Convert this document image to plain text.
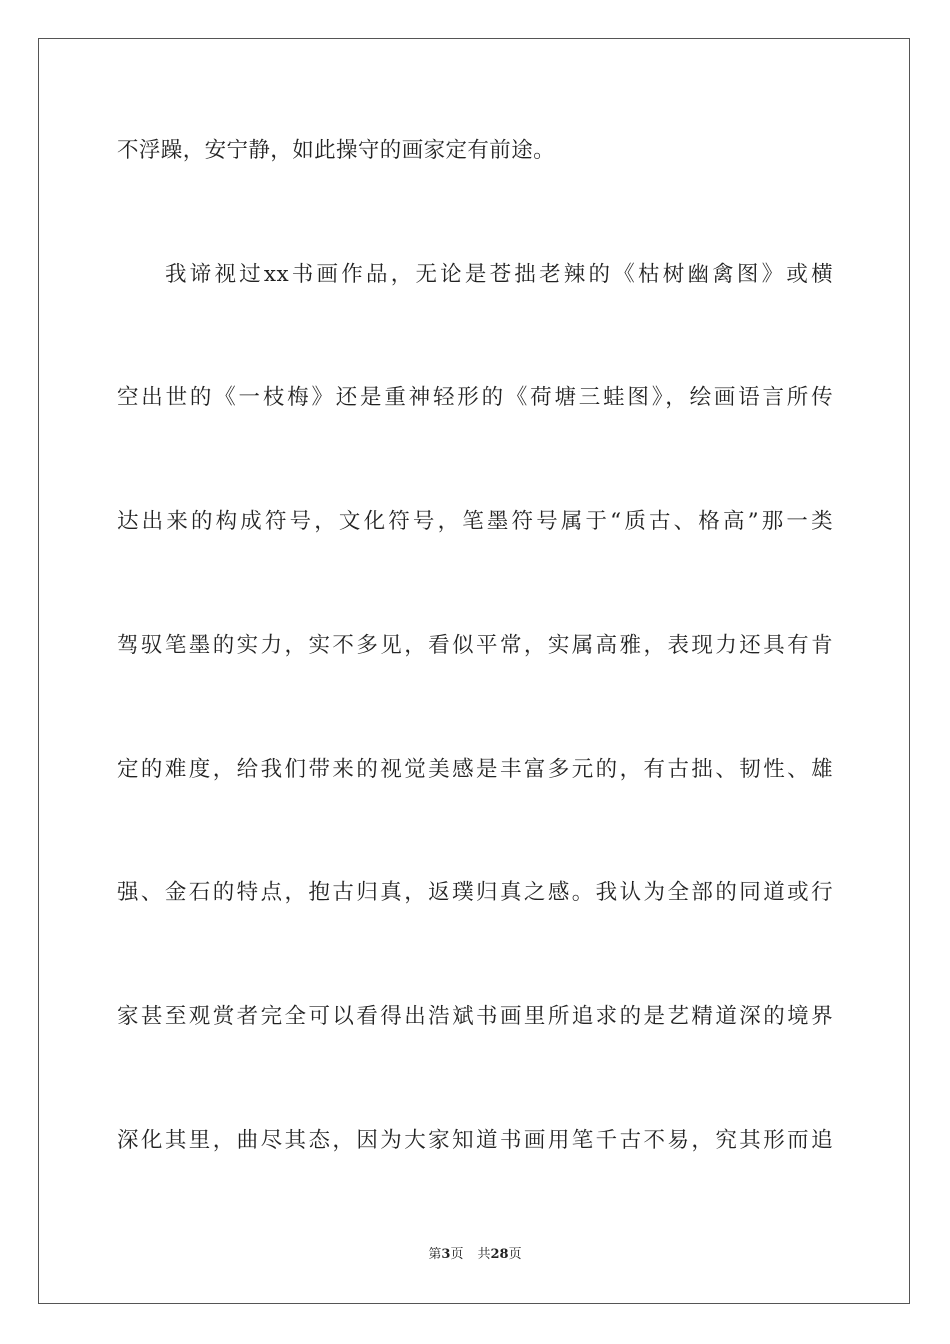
不浮躁，安宁静，如此操守的画家定有前途。
我谛视过xx书画作品，无论是苍拙老辣的《枯树幽禽图》或横
空出世的《一枝梅》还是重神轻形的《荷塘三蛙图》，绘画语言所传
达出来的构成符号，文化符号，笔墨符号属于“质古、格高”那一类
驾驭笔墨的实力，实不多见，看似平常，实属高雅，表现力还具有肯
定的难度，给我们带来的视觉美感是丰富多元的，有古拙、韧性、雄
强、金石的特点，抱古归真，返璞归真之感。我认为全部的同道或行
家甚至观赏者完全可以看得出浩斌书画里所追求的是艺精道深的境界
深化其里，曲尽其态，因为大家知道书画用笔千古不易，究其形而追
第3页 共28页
